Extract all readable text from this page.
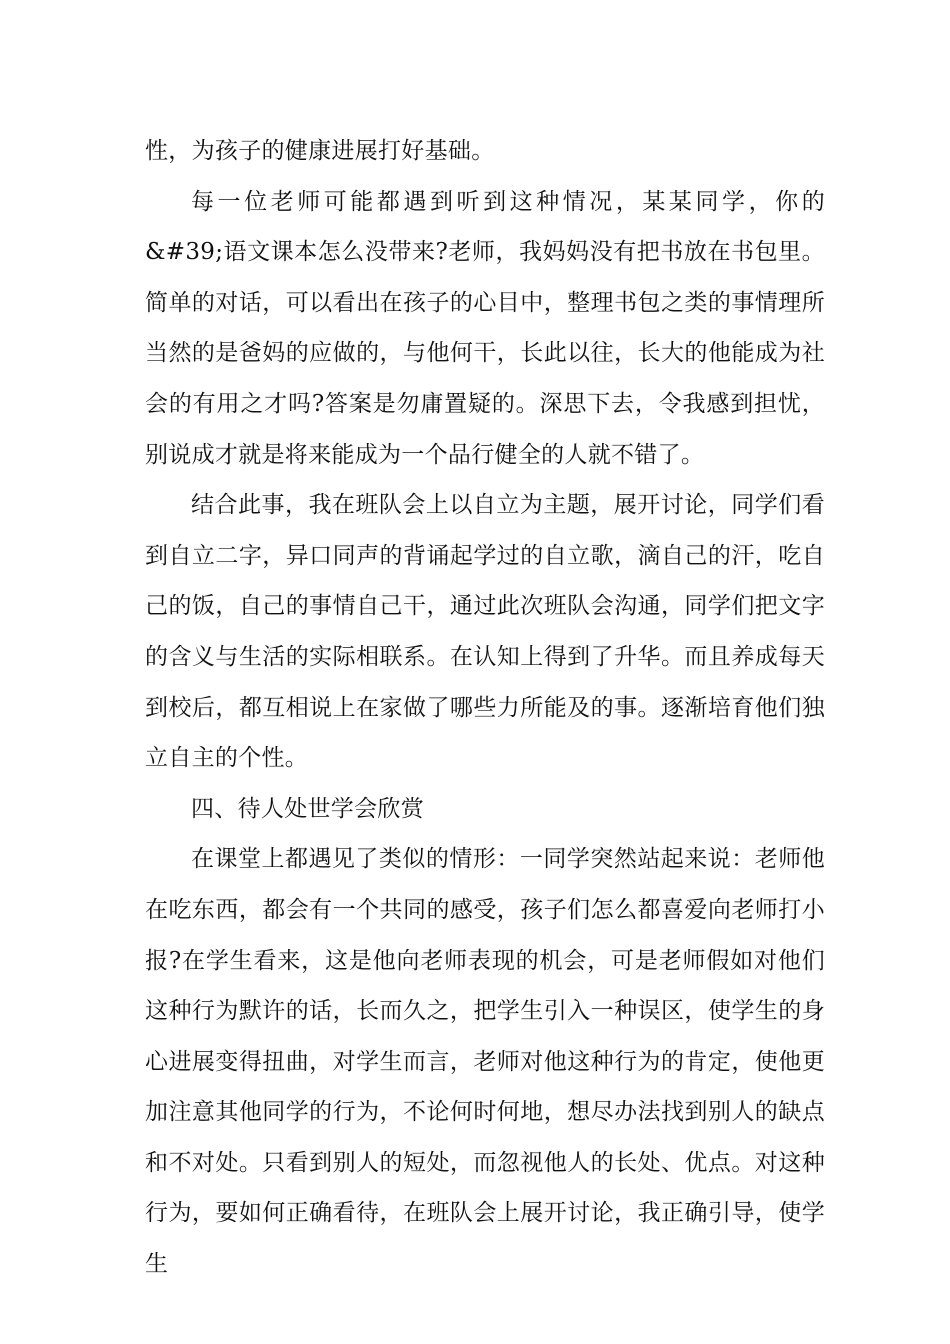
性，为孩子的健康进展打好基础。

每一位老师可能都遇到听到这种情况，某某同学，你的&#39;语文课本怎么没带来?老师，我妈妈没有把书放在书包里。简单的对话，可以看出在孩子的心目中，整理书包之类的事情理所当然的是爸妈的应做的，与他何干，长此以往，长大的他能成为社会的有用之才吗?答案是勿庸置疑的。深思下去，令我感到担忧，别说成才就是将来能成为一个品行健全的人就不错了。

结合此事，我在班队会上以自立为主题，展开讨论，同学们看到自立二字，异口同声的背诵起学过的自立歌，滴自己的汗，吃自己的饭，自己的事情自己干，通过此次班队会沟通，同学们把文字的含义与生活的实际相联系。在认知上得到了升华。而且养成每天到校后，都互相说上在家做了哪些力所能及的事。逐渐培育他们独立自主的个性。

四、待人处世学会欣赏

在课堂上都遇见了类似的情形：一同学突然站起来说：老师他在吃东西，都会有一个共同的感受，孩子们怎么都喜爱向老师打小报?在学生看来，这是他向老师表现的机会，可是老师假如对他们这种行为默许的话，长而久之，把学生引入一种误区，使学生的身心进展变得扭曲，对学生而言，老师对他这种行为的肯定，使他更加注意其他同学的行为，不论何时何地，想尽办法找到别人的缺点和不对处。只看到别人的短处，而忽视他人的长处、优点。对这种行为，要如何正确看待，在班队会上展开讨论，我正确引导，使学生
